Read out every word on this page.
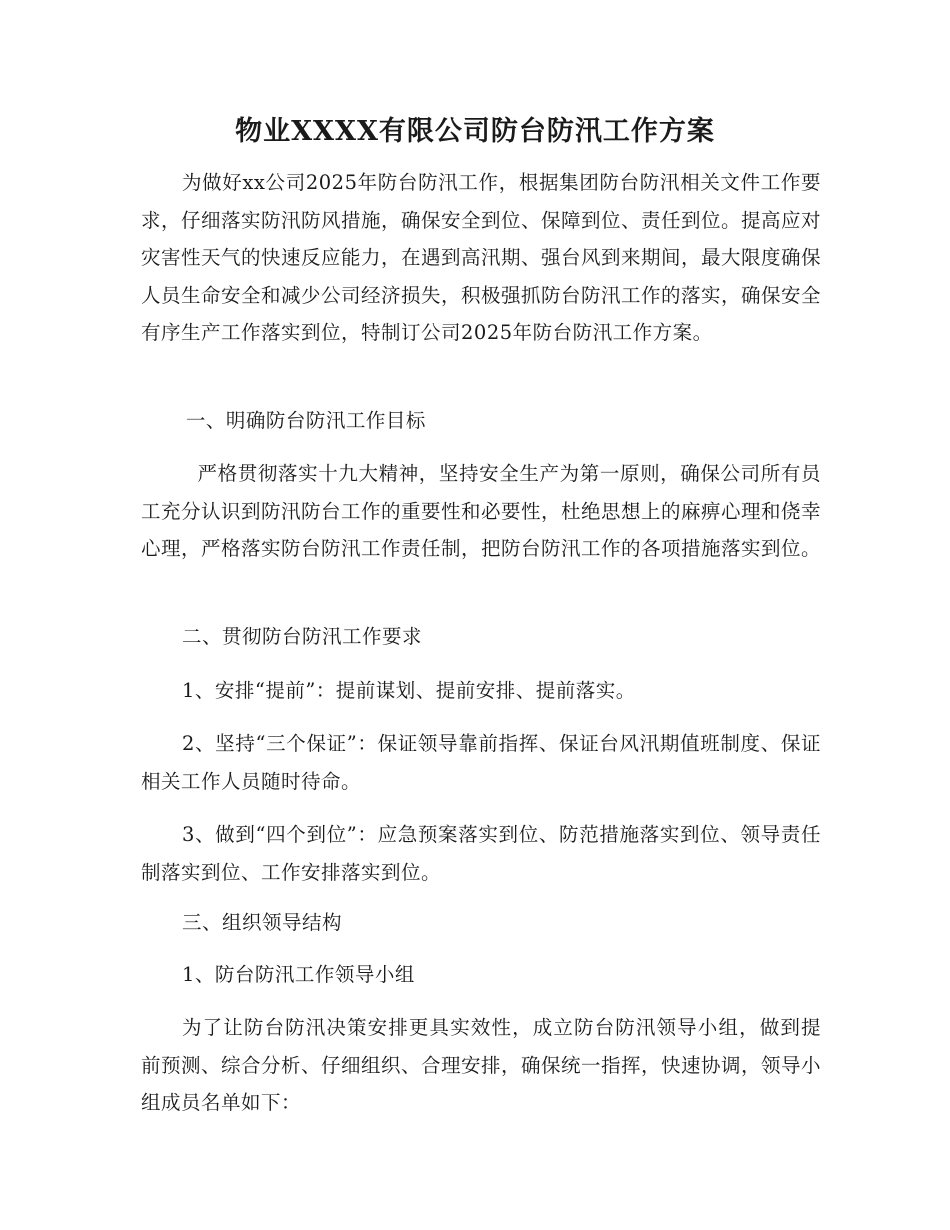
物业XXXX有限公司防台防汛工作方案

为做好xx公司2025年防台防汛工作，根据集团防台防汛相关文件工作要求，仔细落实防汛防风措施，确保安全到位、保障到位、责任到位。提高应对灾害性天气的快速反应能力，在遇到高汛期、强台风到来期间，最大限度确保人员生命安全和减少公司经济损失，积极强抓防台防汛工作的落实，确保安全有序生产工作落实到位，特制订公司2025年防台防汛工作方案。

一、明确防台防汛工作目标

严格贯彻落实十九大精神，坚持安全生产为第一原则，确保公司所有员工充分认识到防汛防台工作的重要性和必要性，杜绝思想上的麻痹心理和侥幸心理，严格落实防台防汛工作责任制，把防台防汛工作的各项措施落实到位。

二、贯彻防台防汛工作要求

1、安排“提前”：提前谋划、提前安排、提前落实。

2、坚持“三个保证”：保证领导靠前指挥、保证台风汛期值班制度、保证相关工作人员随时待命。

3、做到“四个到位”：应急预案落实到位、防范措施落实到位、领导责任制落实到位、工作安排落实到位。

三、组织领导结构

1、防台防汛工作领导小组

为了让防台防汛决策安排更具实效性，成立防台防汛领导小组，做到提前预测、综合分析、仔细组织、合理安排，确保统一指挥，快速协调，领导小组成员名单如下：
